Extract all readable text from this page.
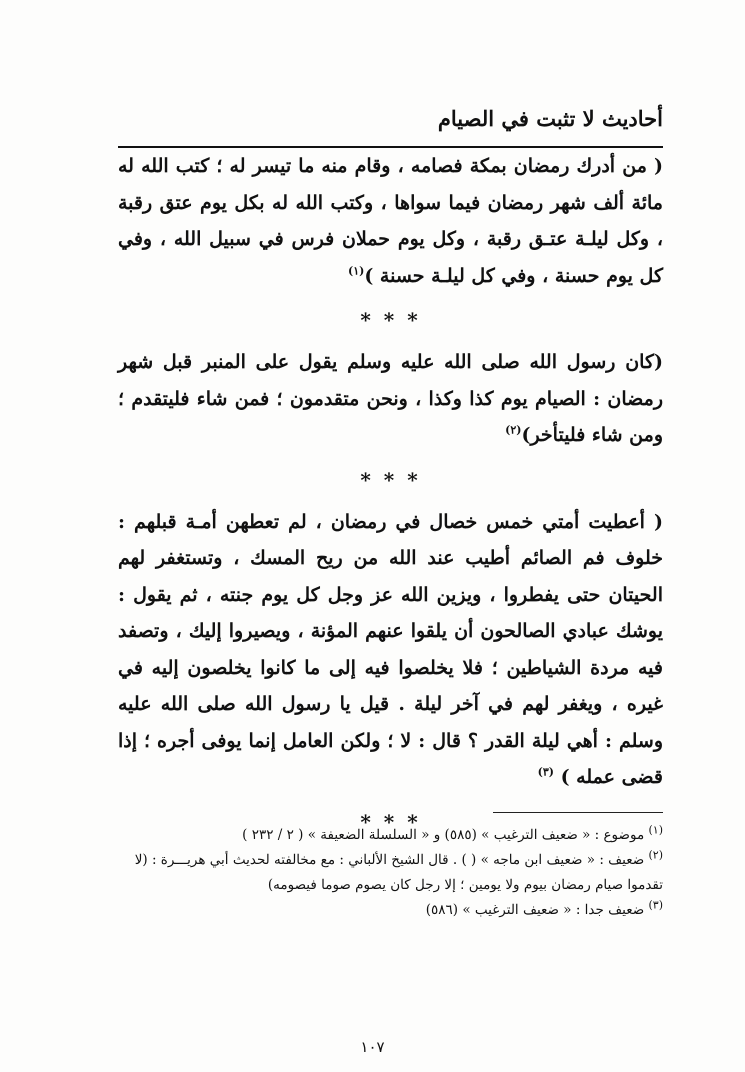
أحاديث لا تثبت في الصيام

( من أدرك رمضان بمكة فصامه ، وقام منه ما تيسر له ؛ كتب الله له مائة ألف شهر رمضان فيما سواها ، وكتب الله له بكل يوم عتق رقبة ، وكل ليلـة عتـق رقبة ، وكل يوم حملان فرس في سبيل الله ، وفي كل يوم حسنة ، وفي كل ليلـة حسنة )$^{(١)}$

* * *

(كان رسول الله صلى الله عليه وسلم يقول على المنبر قبل شهر رمضان : الصيام يوم كذا وكذا ، ونحن متقدمون ؛ فمن شاء فليتقدم ؛ ومن شاء فليتأخر)$^{(٢)}$

* * *

( أعطيت أمتي خمس خصال في رمضان ، لم تعطهن أمـة قبلهم : خلوف فم الصائم أطيب عند الله من ريح المسك ، وتستغفر لهم الحيتان حتى يفطروا ، ويزين الله عز وجل كل يوم جنته ، ثم يقول : يوشك عبادي الصالحون أن يلقوا عنهم المؤنة ، ويصيروا إليك ، وتصفد فيه مردة الشياطين ؛ فلا يخلصوا فيه إلى ما كانوا يخلصون إليه في غيره ، ويغفر لهم في آخر ليلة . قيل يا رسول الله صلى الله عليه وسلم : أهي ليلة القدر ؟ قال : لا ؛ ولكن العامل إنما يوفى أجره ؛ إذا قضى عمله ) $^{(٣)}$

* * *	$^{(١)}$ موضوع : « ضعيف الترغيب » (٥٨٥) و « السلسلة الضعيفة » ( ٢ / ٢٣٢ )

$^{(٢)}$ ضعيف : « ضعيف ابن ماجه » ( ) . قال الشيخ الألباني : مع مخالفته لحديث أبي هريـــرة : (لا تقدموا صيام رمضان بيوم ولا يومين ؛ إلا رجل كان يصوم صوما فيصومه)

$^{(٣)}$ ضعيف جدا : « ضعيف الترغيب » (٥٨٦)

١٠٧
